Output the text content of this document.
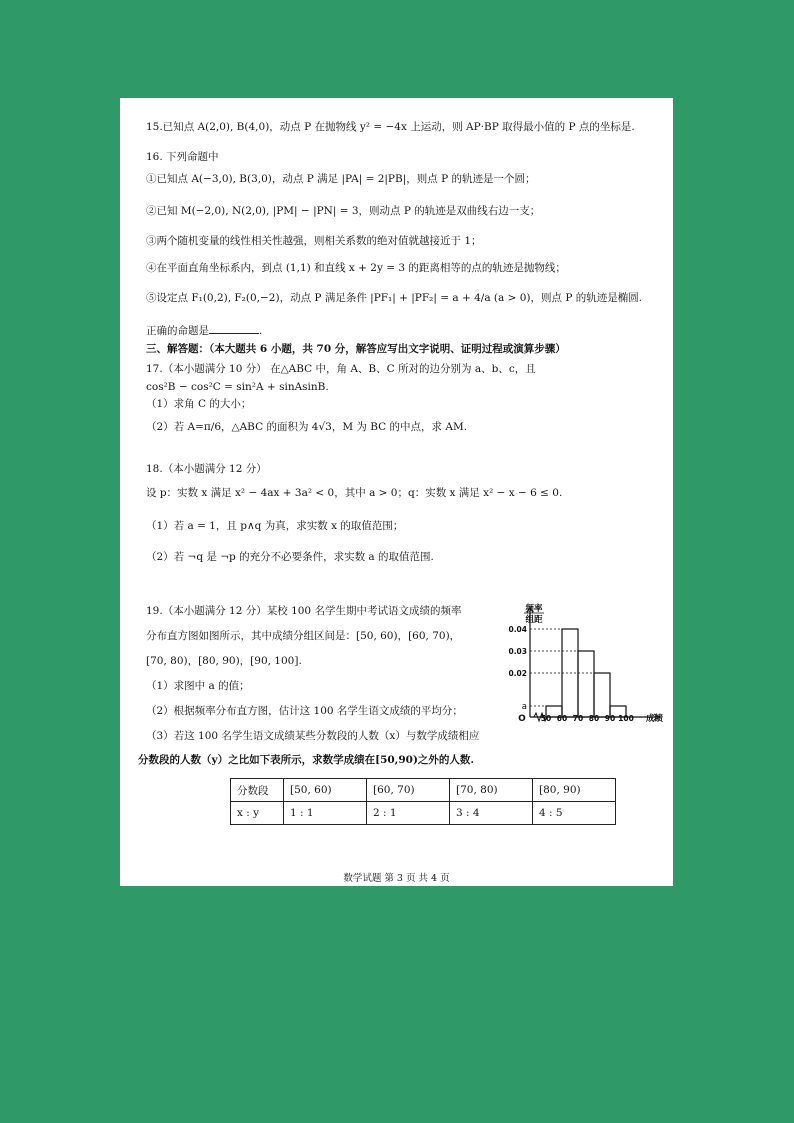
15.已知点 A(2,0), B(4,0)，动点 P 在抛物线 y² = −4x 上运动，则 AP·BP 取得最小值的 P 点的坐标是.
16. 下列命题中
①已知点 A(−3,0), B(3,0)，动点 P 满足 |PA| = 2|PB|，则点 P 的轨迹是一个圆；
②已知 M(−2,0), N(2,0), |PM| − |PN| = 3，则动点 P 的轨迹是双曲线右边一支；
③两个随机变量的线性相关性越强，则相关系数的绝对值就越接近于 1；
④在平面直角坐标系内，到点 (1,1) 和直线 x + 2y = 3 的距离相等的点的轨迹是抛物线；
⑤设定点 F₁(0,2), F₂(0,−2)，动点 P 满足条件 |PF₁| + |PF₂| = a + 4/a (a > 0)，则点 P 的轨迹是椭圆.
正确的命题是	.
三、解答题：（本大题共 6 小题，共 70 分，解答应写出文字说明、证明过程或演算步骤）
17.（本小题满分 10 分） 在△ABC 中，角 A、B、C 所对的边分别为 a、b、c，且
cos²B − cos²C = sin²A + sinAsinB.
（1）求角 C 的大小；
（2）若 A=π/6，△ABC 的面积为 4√3，M 为 BC 的中点，求 AM.
18.（本小题满分 12 分）
设 p：实数 x 满足 x² − 4ax + 3a² < 0，其中 a > 0；q：实数 x 满足 x² − x − 6 ≤ 0.
（1）若 a = 1，且 p∧q 为真，求实数 x 的取值范围；
（2）若 ¬q 是 ¬p 的充分不必要条件，求实数 a 的取值范围.
19.（本小题满分 12 分）某校 100 名学生期中考试语文成绩的频率
分布直方图如图所示，其中成绩分组区间是：[50, 60)，[60, 70)，
[70, 80)，[80, 90)，[90, 100].
（1）求图中 a 的值；
（2）根据频率分布直方图，估计这 100 名学生语文成绩的平均分；
（3）若这 100 名学生语文成绩某些分数段的人数（x）与数学成绩相应
分数段的人数（y）之比如下表所示，求数学成绩在[50,90)之外的人数.
频率
组距
O	成绩
0.04
0.03
0.02
a
50 60 70 80 90 100
分数段	[50, 60)	[60, 70)	[70, 80)	[80, 90)
x : y	1 : 1	2 : 1	3 : 4	4 : 5
数学试题 第 3 页 共 4 页
